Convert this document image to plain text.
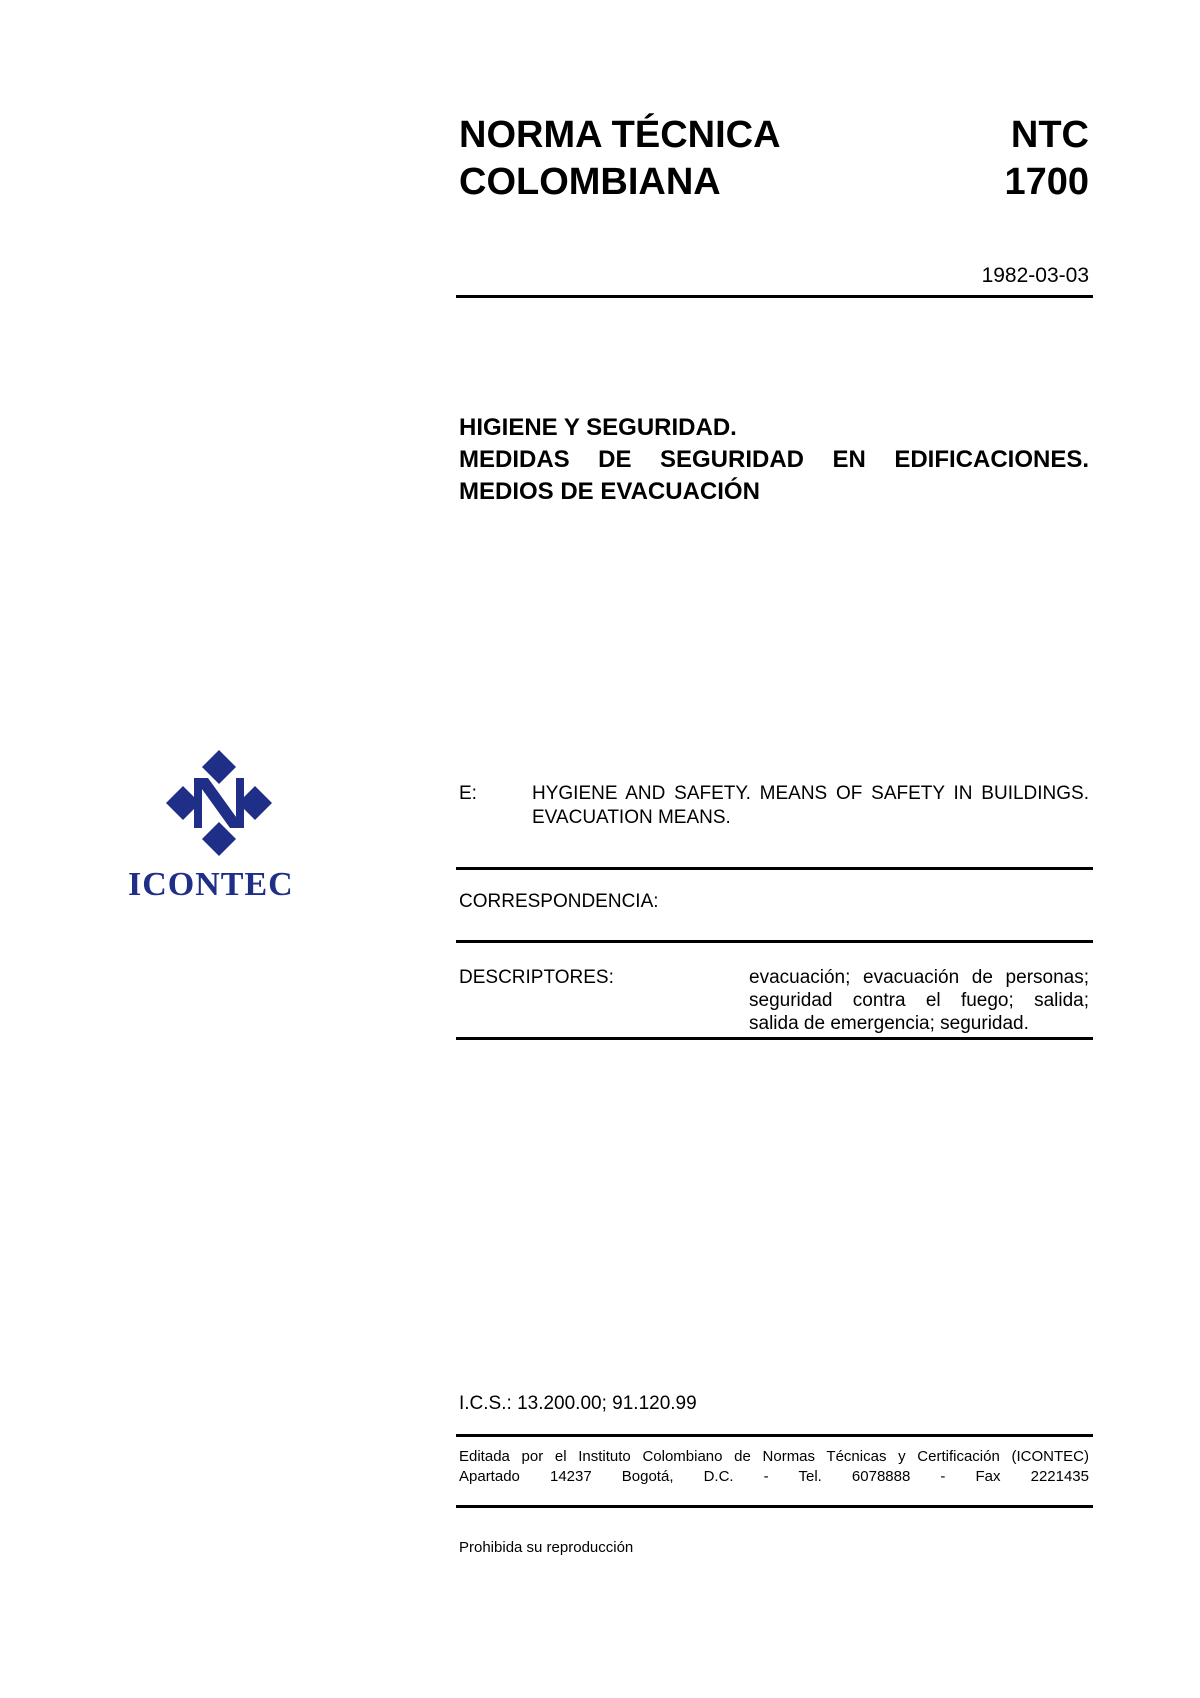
NORMA TÉCNICA	NTC
COLOMBIANA	1700
1982-03-03
HIGIENE Y SEGURIDAD.
MEDIDAS DE SEGURIDAD EN EDIFICACIONES.
MEDIOS DE EVACUACIÓN
ICONTEC
E:	HYGIENE AND SAFETY. MEANS OF SAFETY IN BUILDINGS. EVACUATION MEANS.
CORRESPONDENCIA:
DESCRIPTORES:	evacuación; evacuación de personas;
seguridad contra el fuego; salida;
salida de emergencia; seguridad.
I.C.S.: 13.200.00; 91.120.99
Editada por el Instituto Colombiano de Normas Técnicas y Certificación (ICONTEC)
Apartado 14237 Bogotá, D.C. - Tel. 6078888 - Fax 2221435
Prohibida su reproducción
